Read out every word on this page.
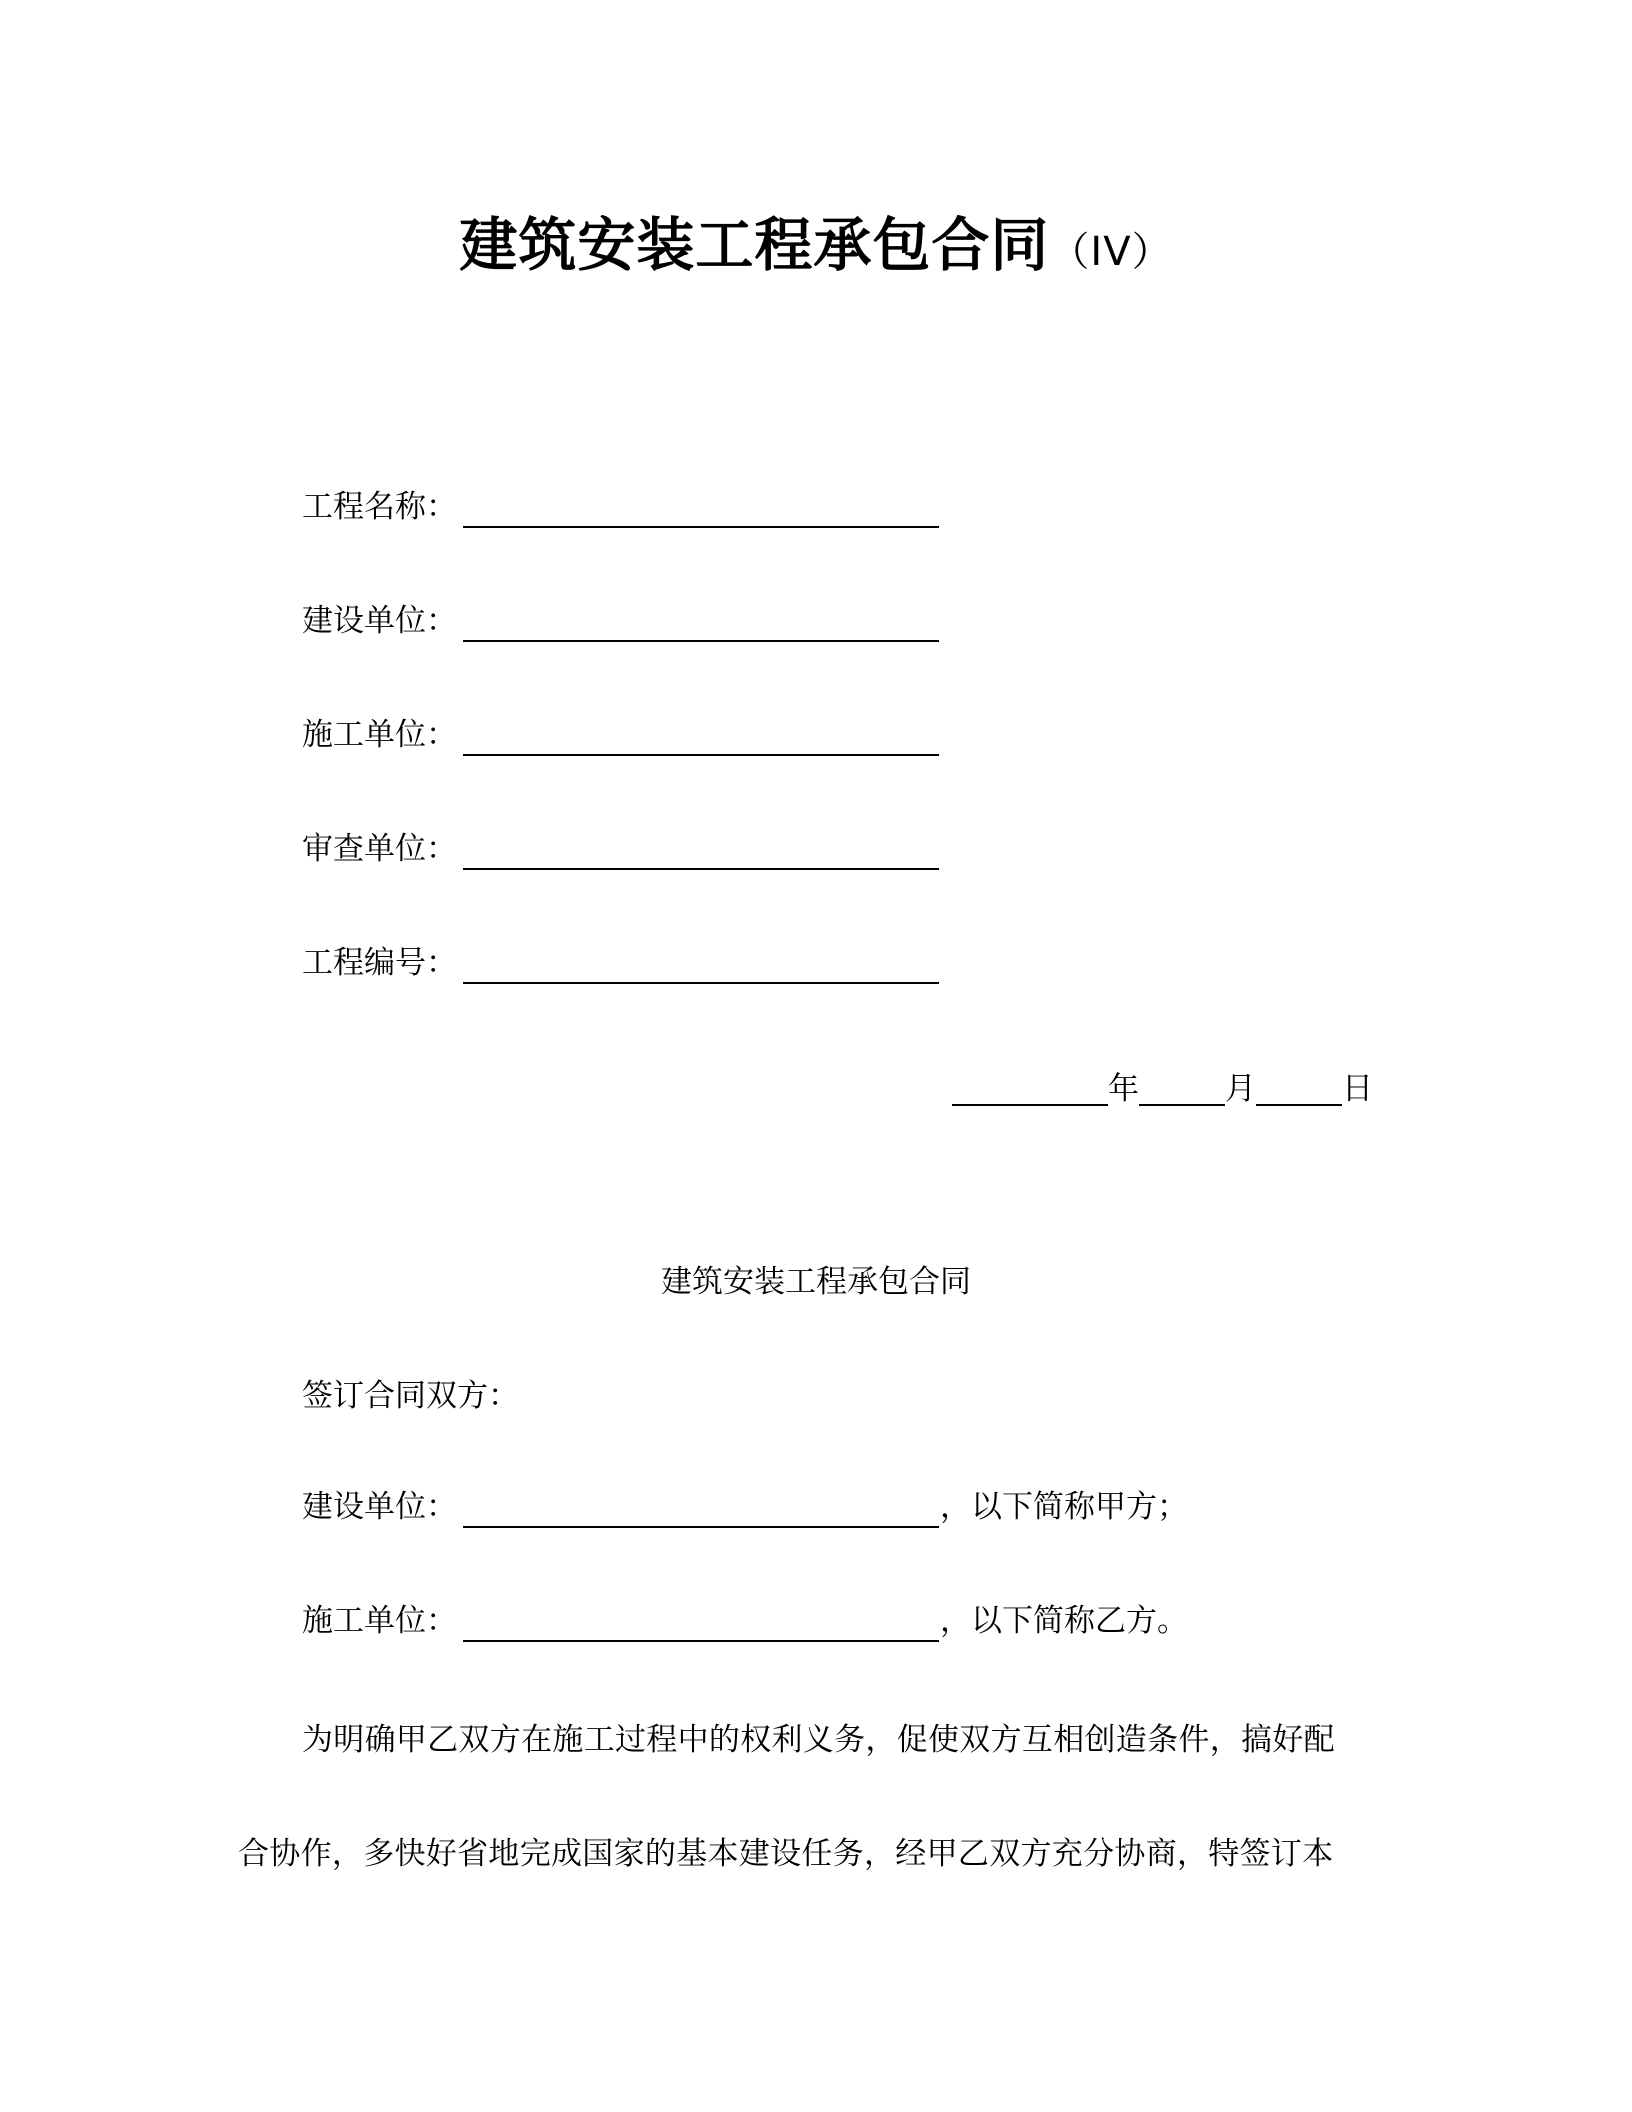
建筑安装工程承包合同（IV）
工程名称：
建设单位：
施工单位：
审查单位：
工程编号：
年	月	日
建筑安装工程承包合同
签订合同双方：
建设单位：	，以下简称甲方；
施工单位：	，以下简称乙方。
为明确甲乙双方在施工过程中的权利义务，促使双方互相创造条件，搞好配
合协作，多快好省地完成国家的基本建设任务，经甲乙双方充分协商，特签订本
